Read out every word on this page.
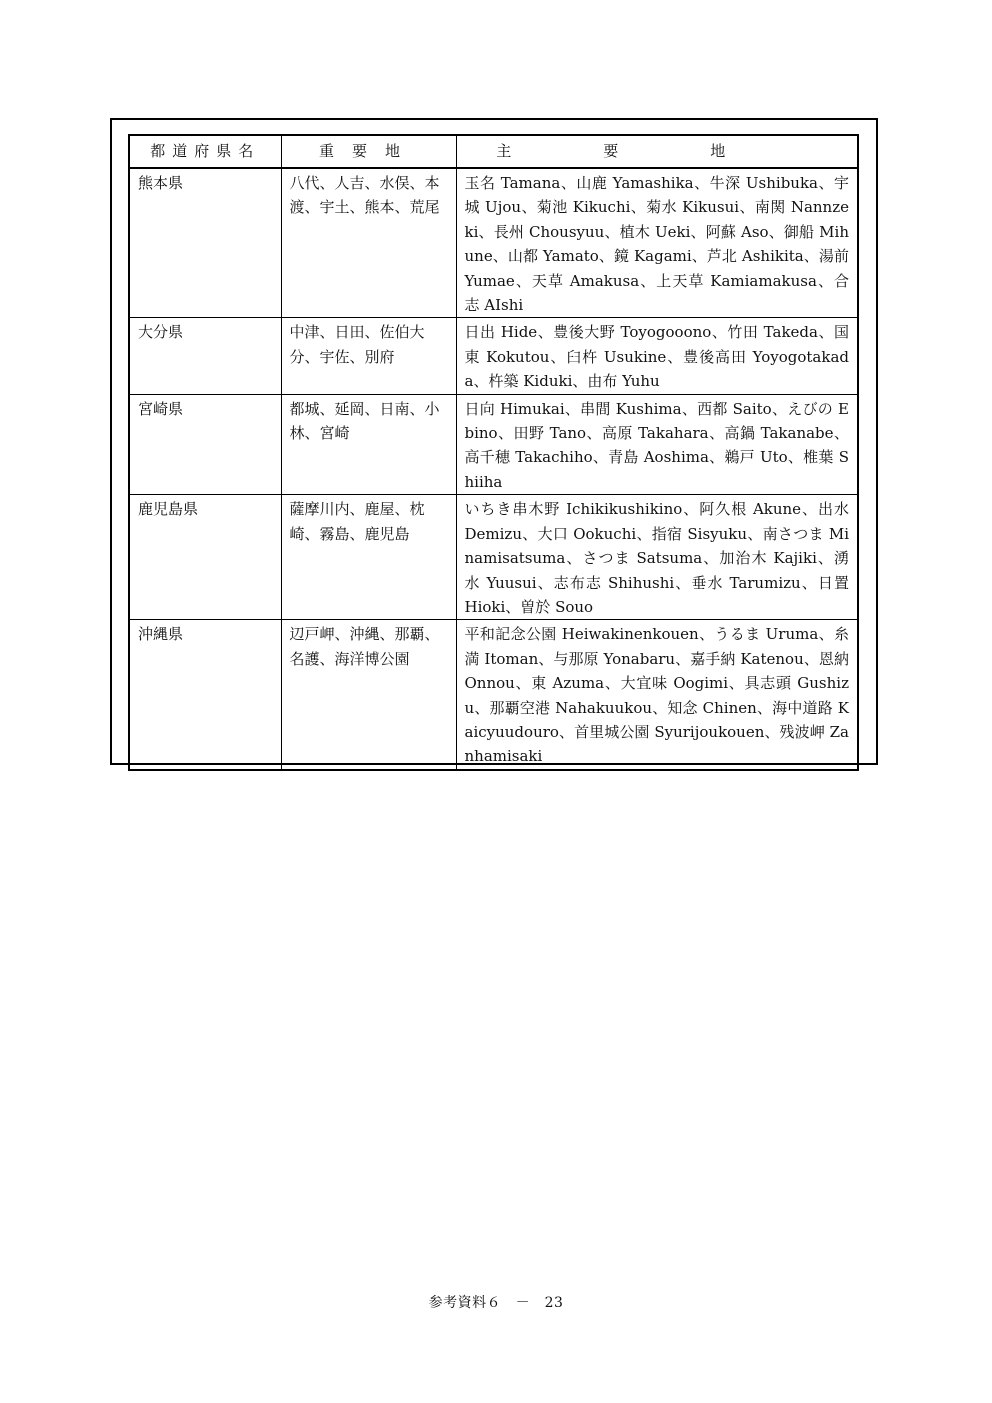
都道府県名	重要地	主要地
熊本県	八代、人吉、水俣、本渡、宇土、熊本、荒尾	玉名 Tamana、山鹿 Yamashika、牛深 Ushibuka、宇城 Ujou、菊池 Kikuchi、菊水 Kikusui、南関 Nannzeki、長州 Chousyuu、植木 Ueki、阿蘇 Aso、御船 Mihune、山都 Yamato、鏡 Kagami、芦北 Ashikita、湯前 Yumae、天草 Amakusa、上天草 Kamiamakusa、合志 AIshi
大分県	中津、日田、佐伯大分、宇佐、別府	日出 Hide、豊後大野 Toyogooono、竹田 Takeda、国東 Kokutou、臼杵 Usukine、豊後高田 Yoyogotakada、杵築 Kiduki、由布 Yuhu
宮崎県	都城、延岡、日南、小林、宮崎	日向 Himukai、串間 Kushima、西都 Saito、えびの Ebino、田野 Tano、高原 Takahara、高鍋 Takanabe、高千穂 Takachiho、青島 Aoshima、鵜戸 Uto、椎葉 Shiiha
鹿児島県	薩摩川内、鹿屋、枕崎、霧島、鹿児島	いちき串木野 Ichikikushikino、阿久根 Akune、出水 Demizu、大口 Ookuchi、指宿 Sisyuku、南さつま Minamisatsuma、さつま Satsuma、加治木 Kajiki、湧水 Yuusui、志布志 Shihushi、垂水 Tarumizu、日置 Hioki、曽於 Souo
沖縄県	辺戸岬、沖縄、那覇、名護、海洋博公園	平和記念公園 Heiwakinenkouen、うるま Uruma、糸満 Itoman、与那原 Yonabaru、嘉手納 Katenou、恩納 Onnou、東 Azuma、大宜味 Oogimi、具志頭 Gushizu、那覇空港 Nahakuukou、知念 Chinen、海中道路 Kaicyuudouro、首里城公園 Syurijoukouen、残波岬 Zanhamisaki
参考資料６　－　23
